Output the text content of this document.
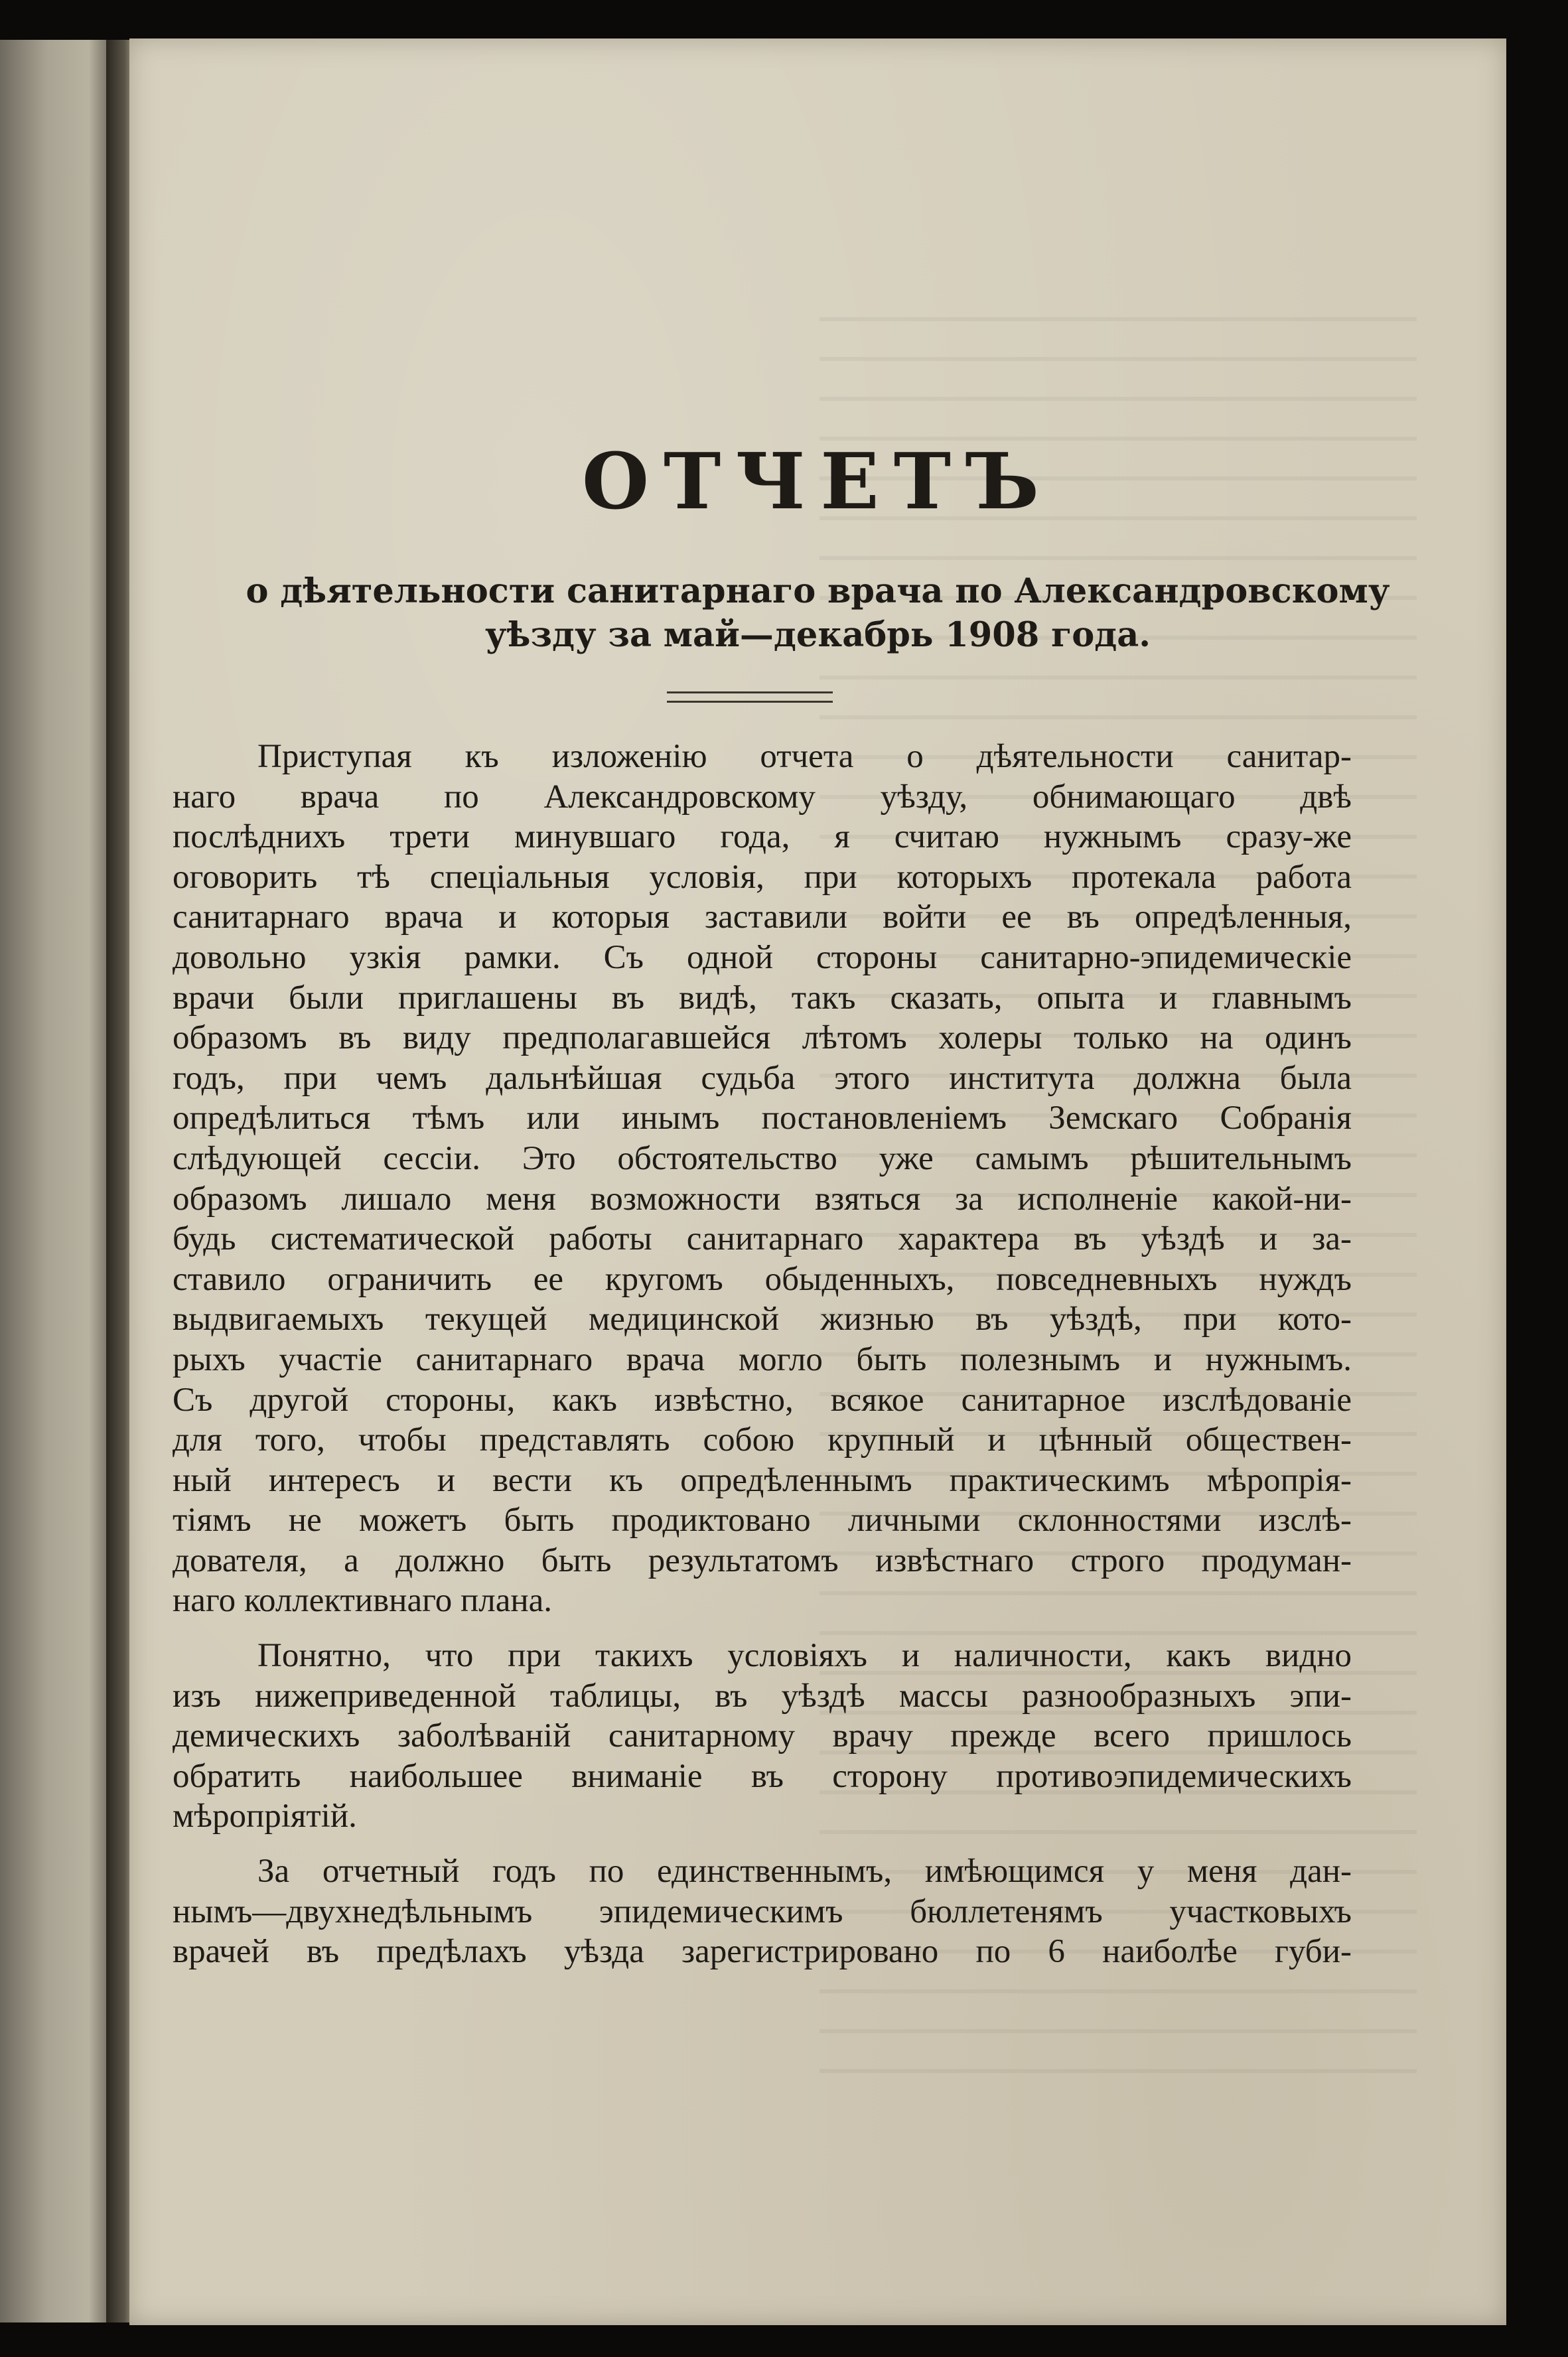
ОТЧЕТЪ
о дѣятельности санитарнаго врача по Александровскому
уѣзду за май—декабрь 1908 года.
Приступая къ изложенію отчета о дѣятельности санитар-
наго врача по Александровскому уѣзду, обнимающаго двѣ
послѣднихъ трети минувшаго года, я считаю нужнымъ сразу-же
оговорить тѣ спеціальныя условія, при которыхъ протекала работа
санитарнаго врача и которыя заставили войти ее въ опредѣленныя,
довольно узкія рамки. Съ одной стороны санитарно-эпидемическіе
врачи были приглашены въ видѣ, такъ сказать, опыта и главнымъ
образомъ въ виду предполагавшейся лѣтомъ холеры только на одинъ
годъ, при чемъ дальнѣйшая судьба этого института должна была
опредѣлиться тѣмъ или инымъ постановленіемъ Земскаго Собранія
слѣдующей сессіи. Это обстоятельство уже самымъ рѣшительнымъ
образомъ лишало меня возможности взяться за исполненіе какой-ни-
будь систематической работы санитарнаго характера въ уѣздѣ и за-
ставило ограничить ее кругомъ обыденныхъ, повседневныхъ нуждъ
выдвигаемыхъ текущей медицинской жизнью въ уѣздѣ, при кото-
рыхъ участіе санитарнаго врача могло быть полезнымъ и нужнымъ.
Съ другой стороны, какъ извѣстно, всякое санитарное изслѣдованіе
для того, чтобы представлять собою крупный и цѣнный обществен-
ный интересъ и вести къ опредѣленнымъ практическимъ мѣропрія-
тіямъ не можетъ быть продиктовано личными склонностями изслѣ-
дователя, а должно быть результатомъ извѣстнаго строго продуман-
наго коллективнаго плана.
Понятно, что при такихъ условіяхъ и наличности, какъ видно
изъ нижеприведенной таблицы, въ уѣздѣ массы разнообразныхъ эпи-
демическихъ заболѣваній санитарному врачу прежде всего пришлось
обратить наибольшее вниманіе въ сторону противоэпидемическихъ
мѣропріятій.
За отчетный годъ по единственнымъ, имѣющимся у меня дан-
нымъ—двухнедѣльнымъ эпидемическимъ бюллетенямъ участковыхъ
врачей въ предѣлахъ уѣзда зарегистрировано по 6 наиболѣе губи-
